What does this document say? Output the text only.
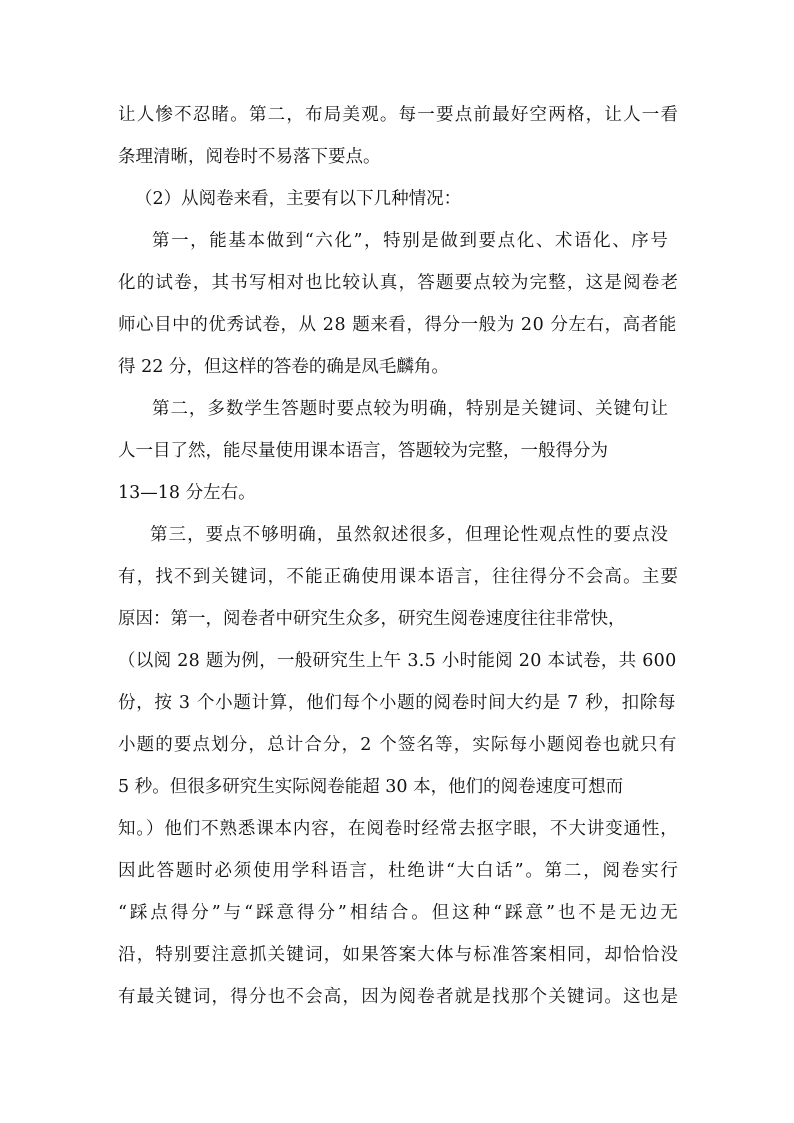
让人惨不忍睹。第二，布局美观。每一要点前最好空两格，让人一看
条理清晰，阅卷时不易落下要点。
（2）从阅卷来看，主要有以下几种情况：
第一，能基本做到“六化”，特别是做到要点化、术语化、序号
化的试卷，其书写相对也比较认真，答题要点较为完整，这是阅卷老
师心目中的优秀试卷，从 28 题来看，得分一般为 20 分左右，高者能
得 22 分，但这样的答卷的确是凤毛麟角。
第二，多数学生答题时要点较为明确，特别是关键词、关键句让
人一目了然，能尽量使用课本语言，答题较为完整，一般得分为
13—18 分左右。
第三，要点不够明确，虽然叙述很多，但理论性观点性的要点没
有，找不到关键词，不能正确使用课本语言，往往得分不会高。主要
原因：第一，阅卷者中研究生众多，研究生阅卷速度往往非常快，
（以阅 28 题为例，一般研究生上午 3.5 小时能阅 20 本试卷，共 600
份，按 3 个小题计算，他们每个小题的阅卷时间大约是 7 秒，扣除每
小题的要点划分，总计合分，2 个签名等，实际每小题阅卷也就只有
5 秒。但很多研究生实际阅卷能超 30 本，他们的阅卷速度可想而
知。）他们不熟悉课本内容，在阅卷时经常去抠字眼，不大讲变通性，
因此答题时必须使用学科语言，杜绝讲“大白话”。第二，阅卷实行
“踩点得分”与“踩意得分”相结合。但这种“踩意”也不是无边无
沿，特别要注意抓关键词，如果答案大体与标准答案相同，却恰恰没
有最关键词，得分也不会高，因为阅卷者就是找那个关键词。这也是
